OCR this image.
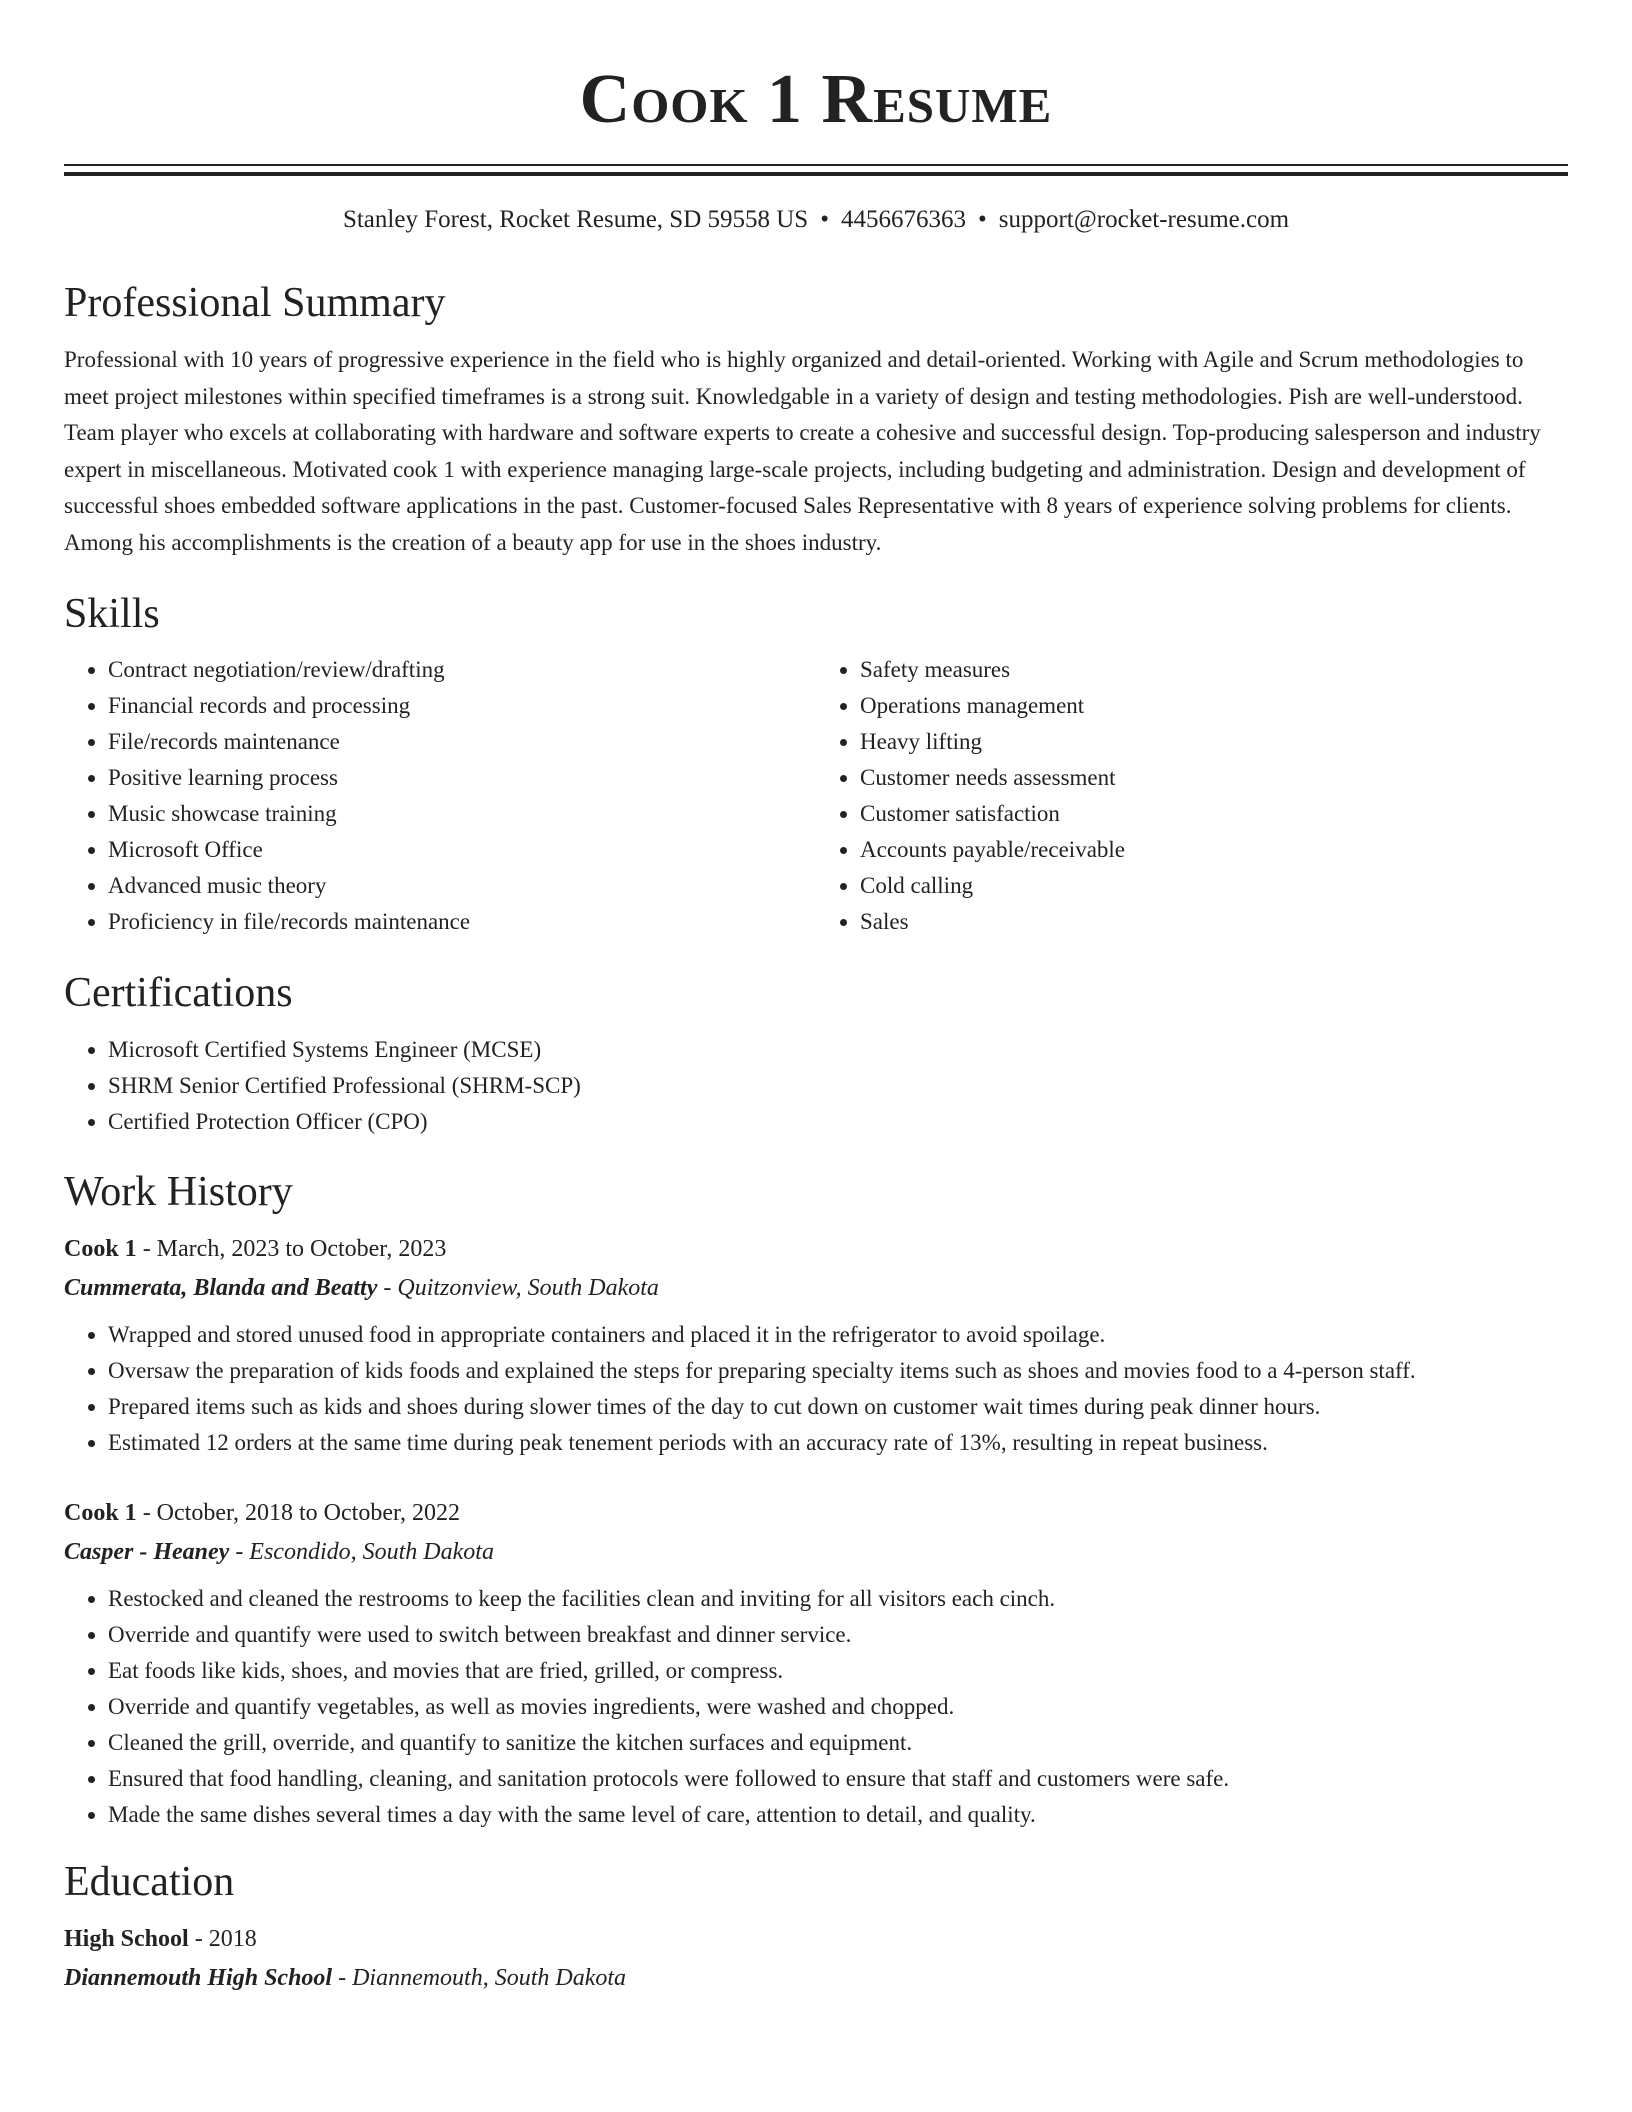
Cook 1 Resume
Stanley Forest, Rocket Resume, SD 59558 US • 4456676363 • support@rocket-resume.com
Professional Summary

Professional with 10 years of progressive experience in the field who is highly organized and detail-oriented. Working with Agile and Scrum methodologies to meet project milestones within specified timeframes is a strong suit. Knowledgable in a variety of design and testing methodologies. Pish are well-understood. Team player who excels at collaborating with hardware and software experts to create a cohesive and successful design. Top-producing salesperson and industry expert in miscellaneous. Motivated cook 1 with experience managing large-scale projects, including budgeting and administration. Design and development of successful shoes embedded software applications in the past. Customer-focused Sales Representative with 8 years of experience solving problems for clients. Among his accomplishments is the creation of a beauty app for use in the shoes industry.

Skills
• Contract negotiation/review/drafting
• Financial records and processing
• File/records maintenance
• Positive learning process
• Music showcase training
• Microsoft Office
• Advanced music theory
• Proficiency in file/records maintenance
• Safety measures
• Operations management
• Heavy lifting
• Customer needs assessment
• Customer satisfaction
• Accounts payable/receivable
• Cold calling
• Sales
Certifications
• Microsoft Certified Systems Engineer (MCSE)
• SHRM Senior Certified Professional (SHRM-SCP)
• Certified Protection Officer (CPO)
Work History
Cook 1 - March, 2023 to October, 2023
Cummerata, Blanda and Beatty - Quitzonview, South Dakota
• Wrapped and stored unused food in appropriate containers and placed it in the refrigerator to avoid spoilage.
• Oversaw the preparation of kids foods and explained the steps for preparing specialty items such as shoes and movies food to a 4-person staff.
• Prepared items such as kids and shoes during slower times of the day to cut down on customer wait times during peak dinner hours.
• Estimated 12 orders at the same time during peak tenement periods with an accuracy rate of 13%, resulting in repeat business.
Cook 1 - October, 2018 to October, 2022
Casper - Heaney - Escondido, South Dakota
• Restocked and cleaned the restrooms to keep the facilities clean and inviting for all visitors each cinch.
• Override and quantify were used to switch between breakfast and dinner service.
• Eat foods like kids, shoes, and movies that are fried, grilled, or compress.
• Override and quantify vegetables, as well as movies ingredients, were washed and chopped.
• Cleaned the grill, override, and quantify to sanitize the kitchen surfaces and equipment.
• Ensured that food handling, cleaning, and sanitation protocols were followed to ensure that staff and customers were safe.
• Made the same dishes several times a day with the same level of care, attention to detail, and quality.
Education
High School - 2018
Diannemouth High School - Diannemouth, South Dakota
